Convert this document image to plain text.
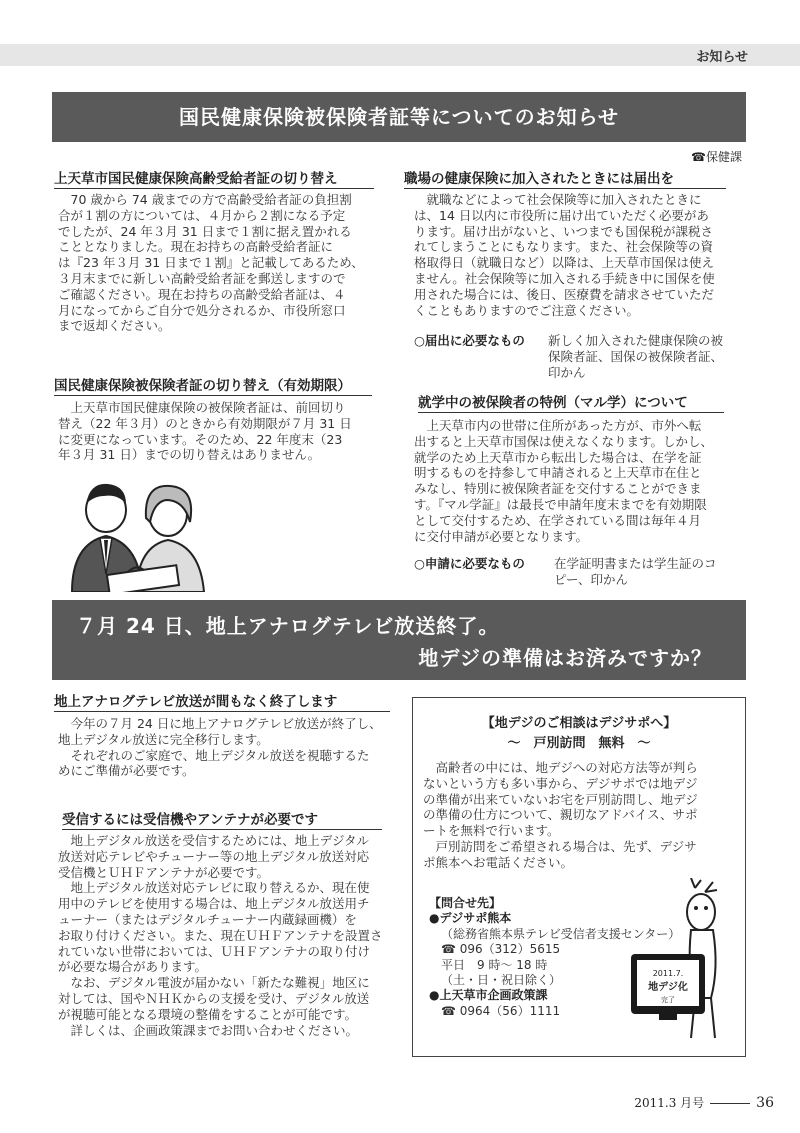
お知らせ
国民健康保険被保険者証等についてのお知らせ
☎保健課
上天草市国民健康保険高齢受給者証の切り替え
　70 歳から 74 歳までの方で高齢受給者証の負担割
合が１割の方については、４月から２割になる予定
でしたが、24 年３月 31 日まで１割に据え置かれる
こととなりました。現在お持ちの高齢受給者証に
は『23 年３月 31 日まで１割』と記載してあるため、
３月末までに新しい高齢受給者証を郵送しますので
ご確認ください。現在お持ちの高齢受給者証は、４
月になってからご自分で処分されるか、市役所窓口
まで返却ください。
国民健康保険被保険者証の切り替え（有効期限）
　上天草市国民健康保険の被保険者証は、前回切り
替え（22 年３月）のときから有効期限が７月 31 日
に変更になっています。そのため、22 年度末（23
年３月 31 日）までの切り替えはありません。
職場の健康保険に加入されたときには届出を
　就職などによって社会保険等に加入されたときに
は、14 日以内に市役所に届け出ていただく必要があ
ります。届け出がないと、いつまでも国保税が課税さ
れてしまうことにもなります。また、社会保険等の資
格取得日（就職日など）以降は、上天草市国保は使え
ません。社会保険等に加入される手続き中に国保を使
用された場合には、後日、医療費を請求させていただ
くこともありますのでご注意ください。
○届出に必要なもの 新しく加入された健康保険の被
保険者証、国保の被保険者証、
印かん
就学中の被保険者の特例（マル学）について
　上天草市内の世帯に住所があった方が、市外へ転
出すると上天草市国保は使えなくなります。しかし、
就学のため上天草市から転出した場合は、在学を証
明するものを持参して申請されると上天草市在住と
みなし、特別に被保険者証を交付することができま
す。『マル学証』は最長で申請年度末までを有効期限
として交付するため、在学されている間は毎年４月
に交付申請が必要となります。
○申請に必要なもの 在学証明書または学生証のコ
ピー、印かん
７月 24 日、地上アナログテレビ放送終了。
地デジの準備はお済みですか？
地上アナログテレビ放送が間もなく終了します
　今年の７月 24 日に地上アナログテレビ放送が終了し、
地上デジタル放送に完全移行します。
　それぞれのご家庭で、地上デジタル放送を視聴するた
めにご準備が必要です。
受信するには受信機やアンテナが必要です
　地上デジタル放送を受信するためには、地上デジタル
放送対応テレビやチューナー等の地上デジタル放送対応
受信機とＵＨＦアンテナが必要です。
　地上デジタル放送対応テレビに取り替えるか、現在使
用中のテレビを使用する場合は、地上デジタル放送用チ
ューナー（またはデジタルチューナー内蔵録画機）を
お取り付けください。また、現在ＵＨＦアンテナを設置さ
れていない世帯においては、ＵＨＦアンテナの取り付け
が必要な場合があります。
　なお、デジタル電波が届かない「新たな難視」地区に
対しては、国やＮＨＫからの支援を受け、デジタル放送
が視聴可能となる環境の整備をすることが可能です。
　詳しくは、企画政策課までお問い合わせください。
【地デジのご相談はデジサポへ】
～　戸別訪問　無料　～
　高齢者の中には、地デジへの対応方法等が判ら
ないという方も多い事から、デジサポでは地デジ
の準備が出来ていないお宅を戸別訪問し、地デジ
の準備の仕方について、親切なアドバイス、サポ
ートを無料で行います。
　戸別訪問をご希望される場合は、先ず、デジサ
ポ熊本へお電話ください。
【問合せ先】
●デジサポ熊本
（総務省熊本県テレビ受信者支援センター）
☎ 096（312）5615
平日　9 時～ 18 時
（土・日・祝日除く）
●上天草市企画政策課
☎ 0964（56）1111
2011.7.
地デジ化
完了
2011.3 月号	36
